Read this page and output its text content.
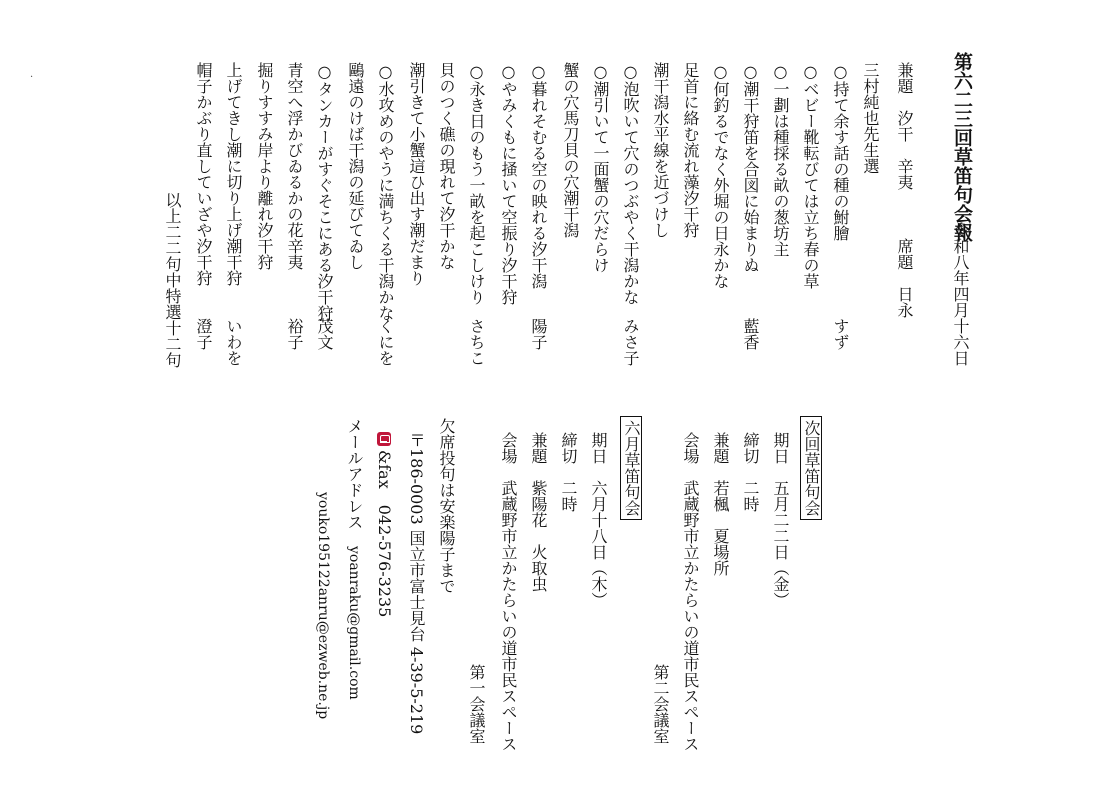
·	第六二三回草笛句会報
令和八年四月十六日
兼題　汐干　辛夷　　　席題　日永
三村純也先生選
○持て余す話の種の鮒膾
すず
○ベビー靴転びては立ち春の草
○一劃は種採る畝の葱坊主
藍香
○潮干狩笛を合図に始まりぬ
○何釣るでなく外堀の日永かな
足首に絡む流れ藻汐干狩
潮干潟水平線を近づけし
○泡吹いて穴のつぶやく干潟かな
みさ子
○潮引いて一面蟹の穴だらけ
蟹の穴馬刀貝の穴潮干潟
○暮れそむる空の映れる汐干潟
陽子
○やみくもに掻いて空振り汐干狩
○永き日のもう一畝を起こしけり
さちこ
貝のつく礁の現れて汐干かな
潮引きて小蟹這ひ出す潮だまり
○水攻めのやうに満ちくる干潟かな
くにを
鷗遠のけば干潟の延びてゐし
○タンカーがすぐそこにある汐干狩
茂文
青空へ浮かびゐるかの花辛夷
裕子
掘りすすみ岸より離れ汐干狩
上げてきし潮に切り上げ潮干狩
いわを
帽子かぶり直していざや汐干狩
澄子
以上二二句中特選十二句
次回草笛句会
期日　五月二二日（金）
締切　二時
兼題　若楓　夏場所
会場　武蔵野市立かたらいの道市民スペース
第二会議室
六月草笛句会
期日　六月十八日（木）
締切　二時
兼題　紫陽花　火取虫
会場　武蔵野市立かたらいの道市民スペース
第一会議室
欠席投句は安楽陽子まで
〒186-0003 国立市富士見台 4-39-5-219
&fax　042-576-3235
メールアドレス　yoanraku@gmail.com
youko195122anru@ezweb.ne.jp
